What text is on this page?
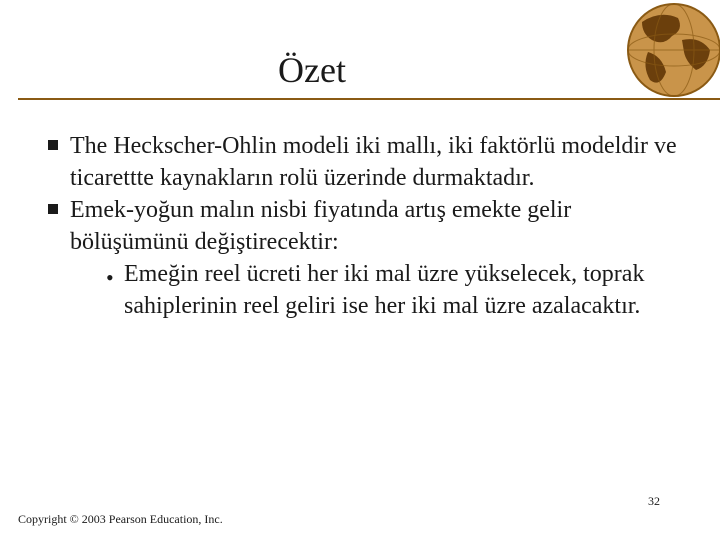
Özet
The Heckscher-Ohlin modeli iki mallı, iki faktörlü modeldir ve ticarettte kaynakların rolü üzerinde durmaktadır.
Emek-yoğun malın nisbi fiyatında artış emekte gelir bölüşümünü değiştirecektir:
• Emeğin reel ücreti her iki mal üzre yükselecek, toprak sahiplerinin reel geliri ise her iki mal üzre azalacaktır.
32
Copyright © 2003 Pearson Education, Inc.
